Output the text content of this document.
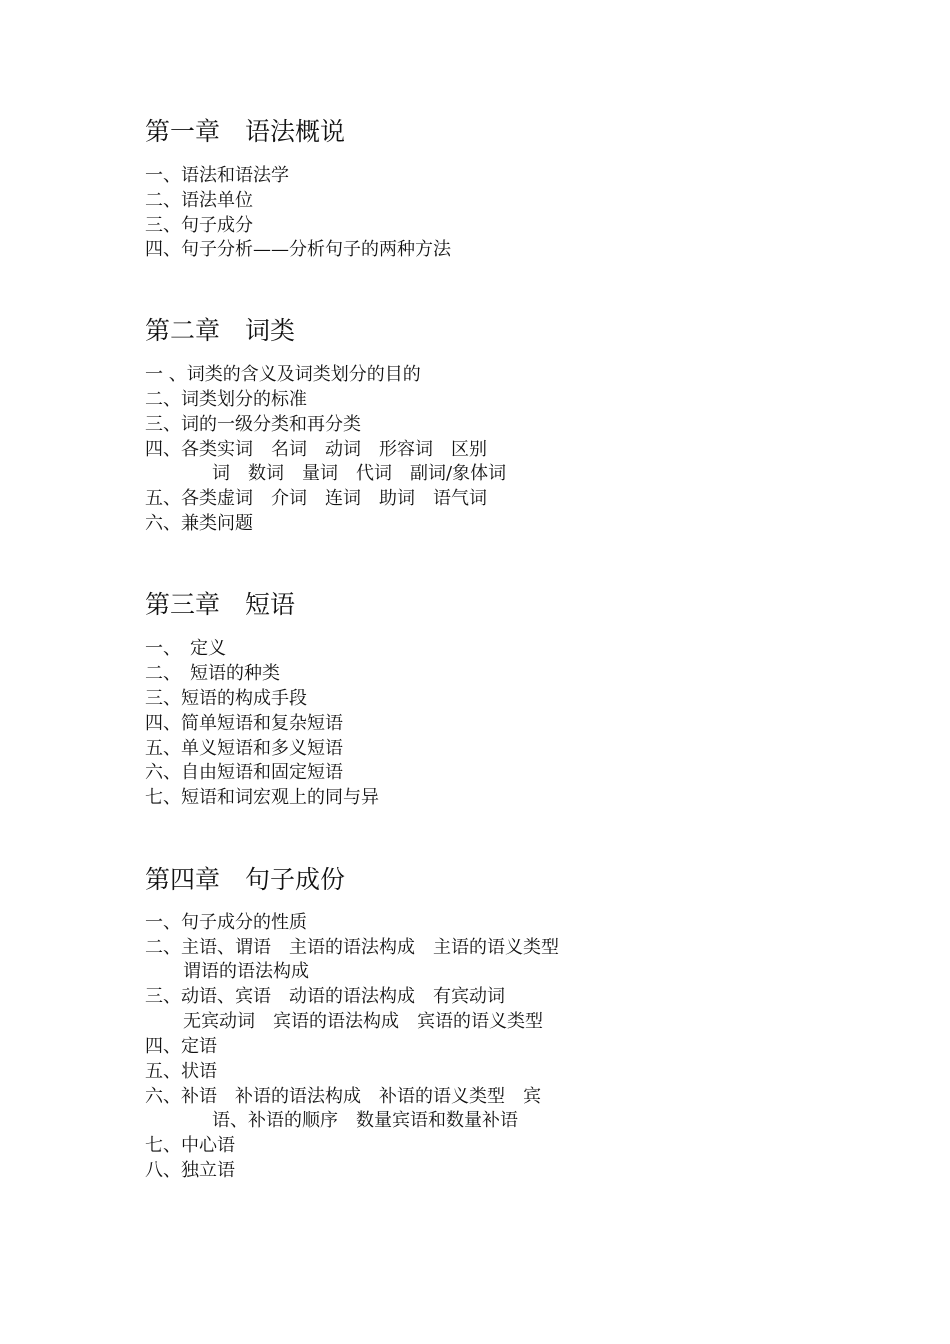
第一章　语法概说
一、语法和语法学
二、语法单位
三、句子成分
四、句子分析——分析句子的两种方法
第二章　词类
一 、词类的含义及词类划分的目的
二、词类划分的标准
三、词的一级分类和再分类
四、各类实词　名词　动词　形容词　区别
词　数词　量词　代词　副词/象体词
五、各类虚词　介词　连词　助词　语气词
六、兼类问题
第三章　短语
一、　定义
二、　短语的种类
三、短语的构成手段
四、简单短语和复杂短语
五、单义短语和多义短语
六、自由短语和固定短语
七、短语和词宏观上的同与异
第四章　句子成份
一、句子成分的性质
二、主语、谓语　主语的语法构成　主语的语义类型
谓语的语法构成
三、动语、宾语　动语的语法构成　有宾动词
无宾动词　宾语的语法构成　宾语的语义类型
四、定语
五、状语
六、补语　补语的语法构成　补语的语义类型　宾
语、补语的顺序　数量宾语和数量补语
七、中心语
八、独立语
